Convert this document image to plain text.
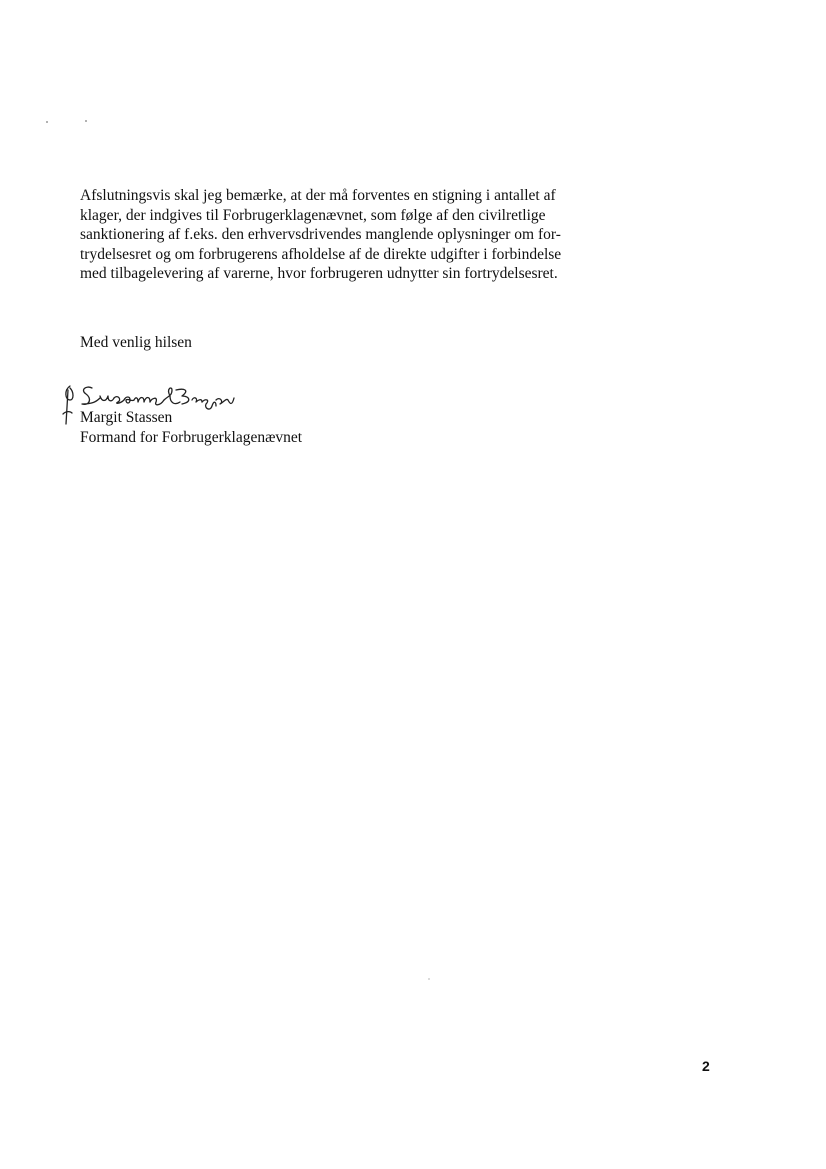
Afslutningsvis skal jeg bemærke, at der må forventes en stigning i antallet af
klager, der indgives til Forbrugerklagenævnet, som følge af den civilretlige
sanktionering af f.eks. den erhvervsdrivendes manglende oplysninger om for-
trydelsesret og om forbrugerens afholdelse af de direkte udgifter i forbindelse
med tilbagelevering af varerne, hvor forbrugeren udnytter sin fortrydelsesret.
Med venlig hilsen
Margit Stassen
Formand for Forbrugerklagenævnet
2
